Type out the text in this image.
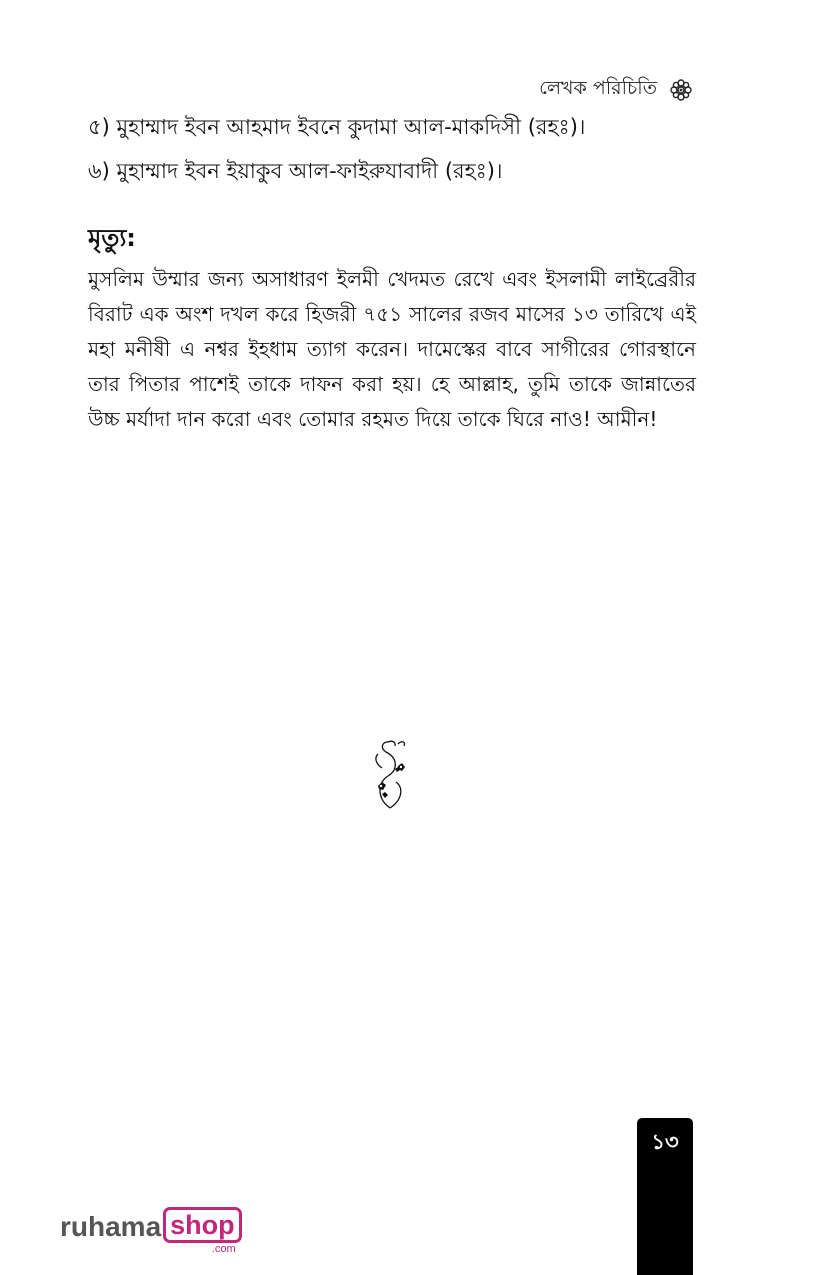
লেখক পরিচিতি
৫) মুহাম্মাদ ইবন আহমাদ ইবনে কুদামা আল-মাকদিসী (রহঃ)।
৬) মুহাম্মাদ ইবন ইয়াকুব আল-ফাইরুযাবাদী (রহঃ)।
মৃত্যু:
মুসলিম উম্মার জন্য অসাধারণ ইলমী খেদমত রেখে এবং ইসলামী লাইব্রেরীর বিরাট এক অংশ দখল করে হিজরী ৭৫১ সালের রজব মাসের ১৩ তারিখে এই মহা মনীষী এ নশ্বর ইহধাম ত্যাগ করেন। দামেস্কের বাবে সাগীরের গোরস্থানে তার পিতার পাশেই তাকে দাফন করা হয়। হে আল্লাহ, তুমি তাকে জান্নাতের উচ্চ মর্যাদা দান করো এবং তোমার রহমত দিয়ে তাকে ঘিরে নাও! আমীন!
১৩
ruhama shop
.com
